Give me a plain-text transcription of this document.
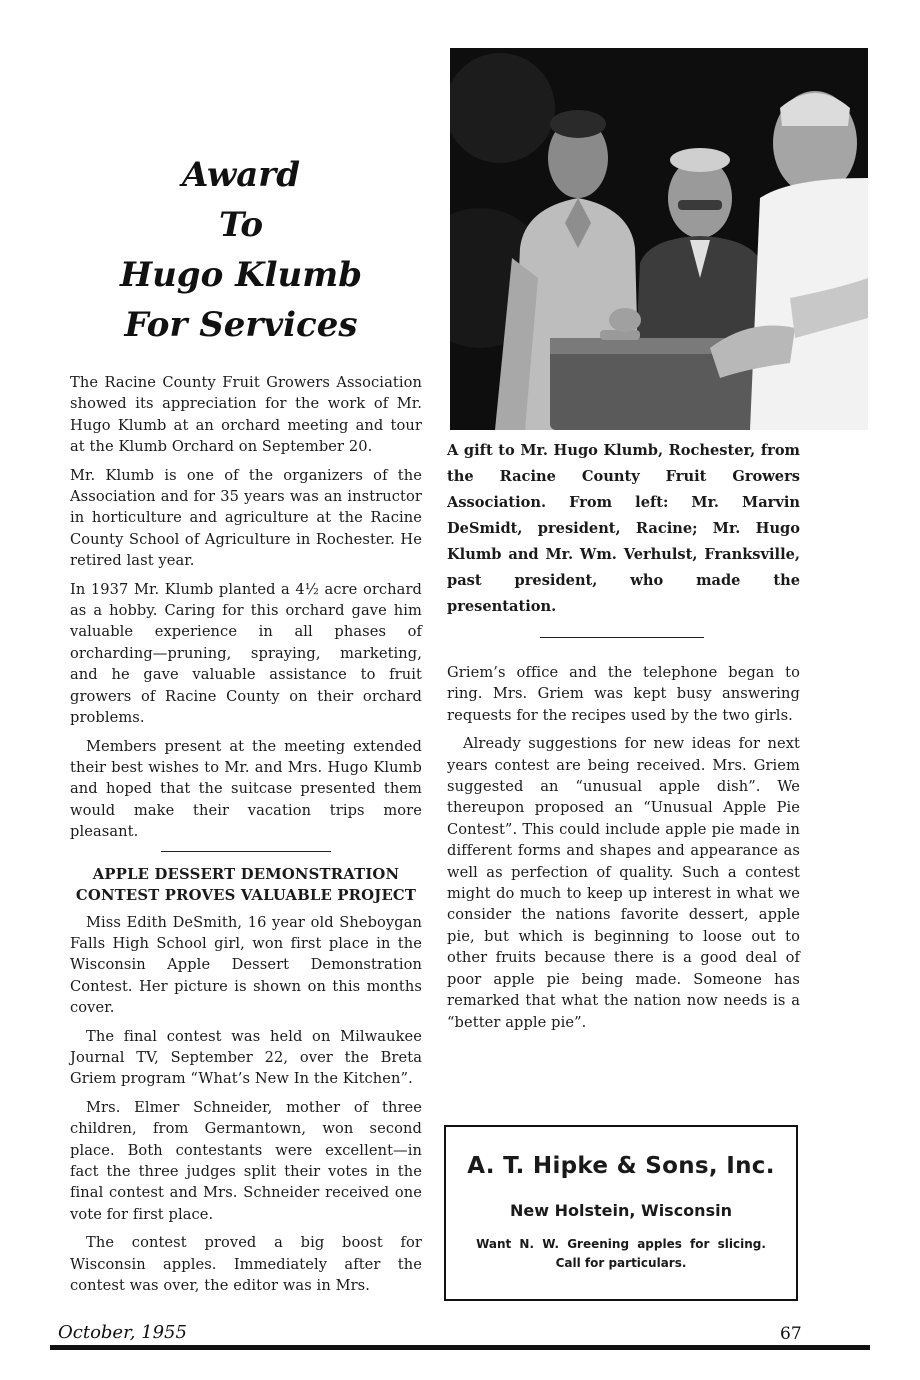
Award
To
Hugo Klumb
For Services

The Racine County Fruit Growers Association showed its appreciation for the work of Mr. Hugo Klumb at an orchard meeting and tour at the Klumb Orchard on September 20.

Mr. Klumb is one of the organizers of the Association and for 35 years was an instructor in horticulture and agriculture at the Racine County School of Agriculture in Rochester. He retired last year.

In 1937 Mr. Klumb planted a 4½ acre orchard as a hobby. Caring for this orchard gave him valuable experience in all phases of orcharding—pruning, spraying, marketing, and he gave valuable assistance to fruit growers of Racine County on their orchard problems.

Members present at the meeting extended their best wishes to Mr. and Mrs. Hugo Klumb and hoped that the suitcase presented them would make their vacation trips more pleasant.

APPLE DESSERT DEMONSTRATION CONTEST PROVES VALUABLE PROJECT

Miss Edith DeSmith, 16 year old Sheboygan Falls High School girl, won first place in the Wisconsin Apple Dessert Demonstration Contest. Her picture is shown on this months cover.

The final contest was held on Milwaukee Journal TV, September 22, over the Breta Griem program “What’s New In the Kitchen”.

Mrs. Elmer Schneider, mother of three children, from Germantown, won second place. Both contestants were excellent—in fact the three judges split their votes in the final contest and Mrs. Schneider received one vote for first place.

The contest proved a big boost for Wisconsin apples. Immediately after the contest was over, the editor was in Mrs.

A gift to Mr. Hugo Klumb, Rochester, from the Racine County Fruit Growers Association. From left: Mr. Marvin DeSmidt, president, Racine; Mr. Hugo Klumb and Mr. Wm. Verhulst, Franksville, past president, who made the presentation.

Griem’s office and the telephone began to ring. Mrs. Griem was kept busy answering requests for the recipes used by the two girls.

Already suggestions for new ideas for next years contest are being received. Mrs. Griem suggested an “unusual apple dish”. We thereupon proposed an “Unusual Apple Pie Contest”. This could include apple pie made in different forms and shapes and appearance as well as perfection of quality. Such a contest might do much to keep up interest in what we consider the nations favorite dessert, apple pie, but which is beginning to loose out to other fruits because there is a good deal of poor apple pie being made. Someone has remarked that what the nation now needs is a “better apple pie”.

A. T. Hipke & Sons, Inc.
New Holstein, Wisconsin
Want N. W. Greening apples for slicing.
Call for particulars.
October, 1955	67
